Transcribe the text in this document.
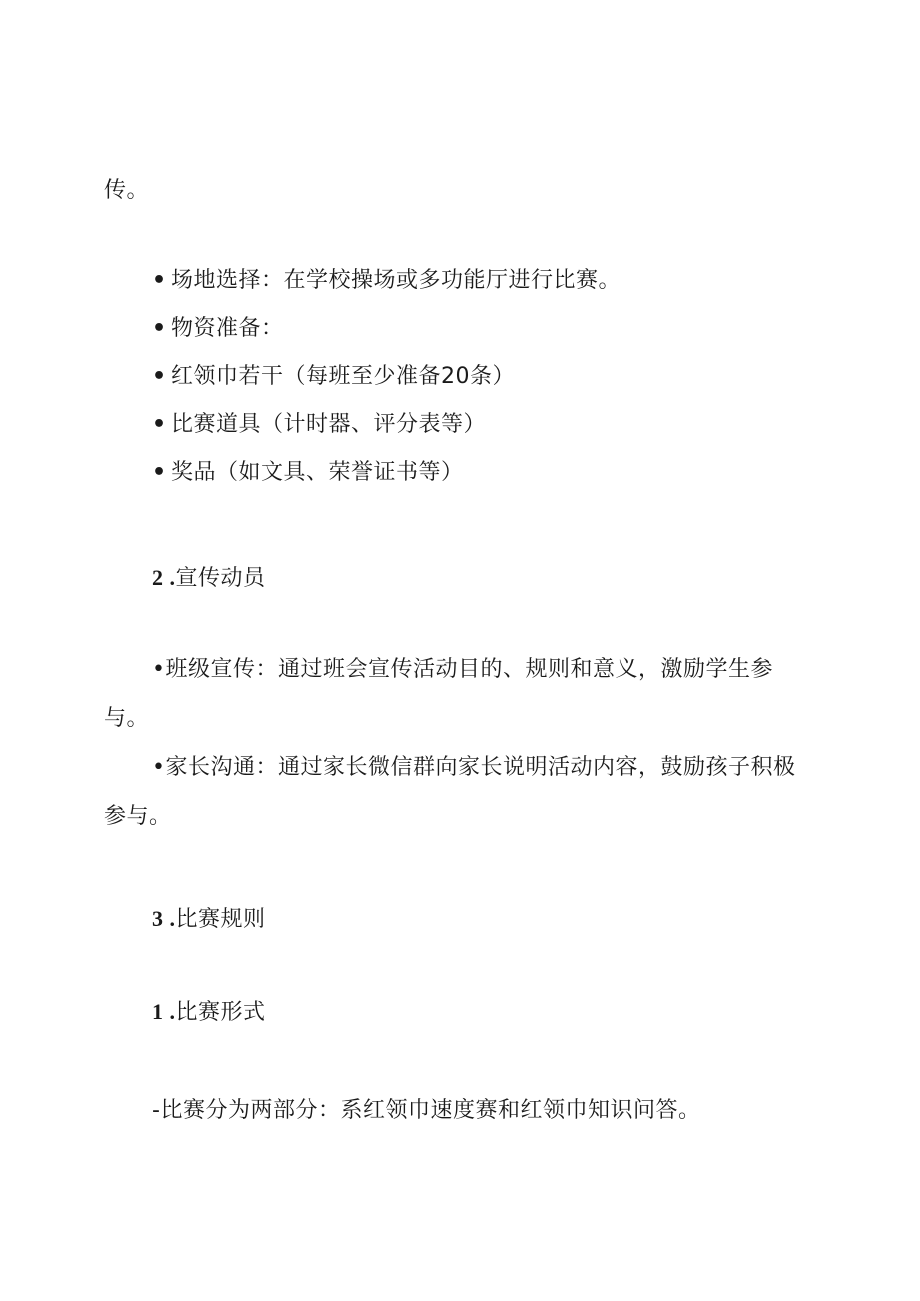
传。
• 场地选择：在学校操场或多功能厅进行比赛。
• 物资准备：
• 红领巾若干（每班至少准备20条）
• 比赛道具（计时器、评分表等）
• 奖品（如文具、荣誉证书等）
2 .宣传动员
•班级宣传：通过班会宣传活动目的、规则和意义，激励学生参
与。
•家长沟通：通过家长微信群向家长说明活动内容，鼓励孩子积极
参与。
3 .比赛规则
1 .比赛形式
-比赛分为两部分：系红领巾速度赛和红领巾知识问答。
